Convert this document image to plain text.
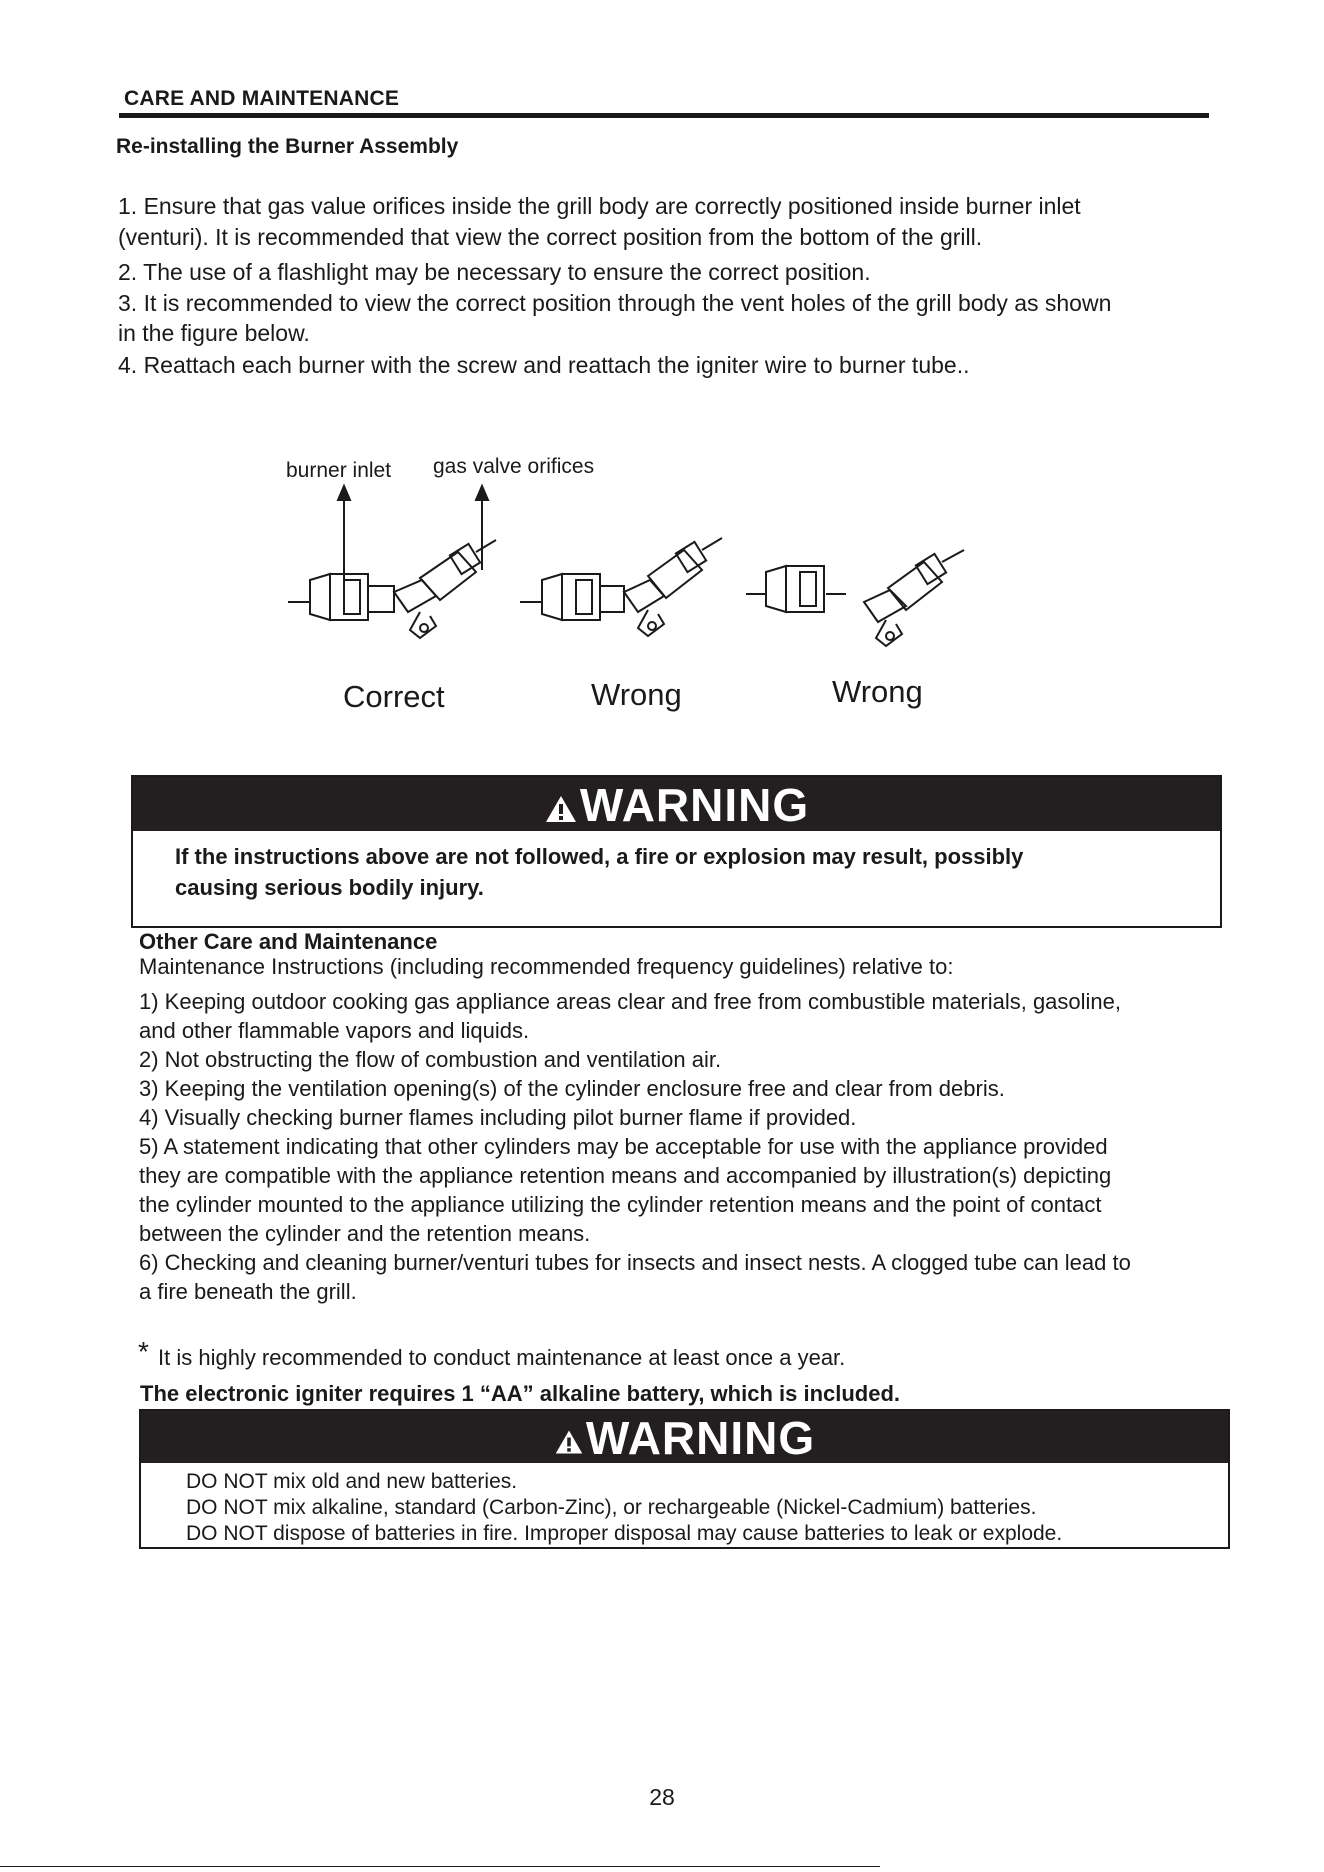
CARE AND MAINTENANCE
Re-installing the Burner Assembly
1. Ensure that gas value orifices inside the grill body are correctly positioned inside burner inlet
(venturi). It is recommended that view the correct position from the bottom of the grill.
2. The use of a flashlight may be necessary to ensure the correct position.
3. It is recommended to view the correct position through the vent holes of the grill body as shown
in the figure below.
4. Reattach each burner with the screw and reattach the igniter wire to burner tube..
burner inlet gas valve orifices
Correct	Wrong	Wrong
WARNING
If the instructions above are not followed, a fire or explosion may result, possibly
causing serious bodily injury.
Other Care and Maintenance
Maintenance Instructions (including recommended frequency guidelines) relative to:

1) Keeping outdoor cooking gas appliance areas clear and free from combustible materials, gasoline,

and other flammable vapors and liquids.

2) Not obstructing the flow of combustion and ventilation air.

3) Keeping the ventilation opening(s) of the cylinder enclosure free and clear from debris.

4) Visually checking burner flames including pilot burner flame if provided.

5) A statement indicating that other cylinders may be acceptable for use with the appliance provided

they are compatible with the appliance retention means and accompanied by illustration(s) depicting

the cylinder mounted to the appliance utilizing the cylinder retention means and the point of contact

between the cylinder and the retention means.

6) Checking and cleaning burner/venturi tubes for insects and insect nests. A clogged tube can lead to

a fire beneath the grill.

* It is highly recommended to conduct maintenance at least once a year.
The electronic igniter requires 1 “AA” alkaline battery, which is included.
WARNING
DO NOT mix old and new batteries.
DO NOT mix alkaline, standard (Carbon-Zinc), or rechargeable (Nickel-Cadmium) batteries.
DO NOT dispose of batteries in fire. Improper disposal may cause batteries to leak or explode.
28
